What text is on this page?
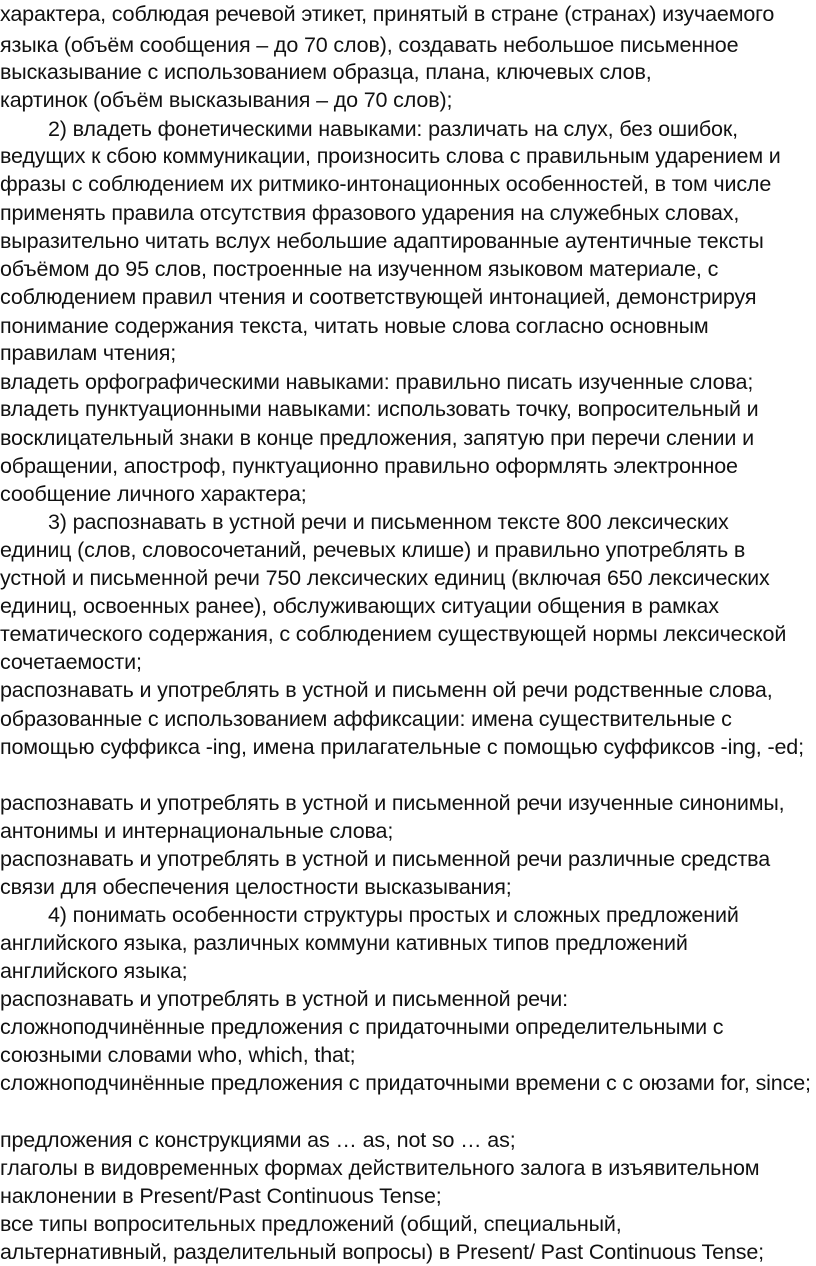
характера, соблюдая речевой этикет, принятый в стране (странах) изучаемого
языка (объём сообщения – до 70 слов), создавать небольшое письменное
высказывание с использованием образца, плана, ключевых слов,
картинок (объём высказывания – до 70 слов);
2) владеть фонетическими навыками: различать на слух, без ошибок,
ведущих к сбою коммуникации, произносить слова с правильным ударением и
фразы с соблюдением их ритмико-интонационных особенностей, в том числе
применять правила отсутствия фразового ударения на служебных словах,
выразительно читать вслух небольшие адаптированные аутентичные тексты
объёмом до 95 слов, построенные на изученном языковом материале, с
соблюдением правил чтения и соответствующей интонацией, демонстрируя
понимание содержания текста, читать новые слова согласно основным
правилам чтения;
владеть орфографическими навыками: правильно писать изученные слова;
владеть пунктуационными навыками: использовать точку, вопросительный и
восклицательный знаки в конце предложения, запятую при перечи слении и
обращении, апостроф, пунктуационно правильно оформлять электронное
сообщение личного характера;
3) распознавать в устной речи и письменном тексте 800 лексических
единиц (слов, словосочетаний, речевых клише) и правильно употреблять в
устной и письменной речи 750 лексических единиц (включая 650 лексических
единиц, освоенных ранее), обслуживающих ситуации общения в рамках
тематического содержания, с соблюдением существующей нормы лексической
сочетаемости;
распознавать и употреблять в устной и письменн ой речи родственные слова,
образованные с использованием аффиксации: имена существительные с
помощью суффикса -ing, имена прилагательные с помощью суффиксов -ing, -ed;
распознавать и употреблять в устной и письменной речи изученные синонимы,
антонимы и интернациональные слова;
распознавать и употреблять в устной и письменной речи различные средства
связи для обеспечения целостности высказывания;
4) понимать особенности структуры простых и сложных предложений
английского языка, различных коммуни кативных типов предложений
английского языка;
распознавать и употреблять в устной и письменной речи:
сложноподчинённые предложения с придаточными определительными с
союзными словами who, which, that;
сложноподчинённые предложения с придаточными времени с с оюзами for, since;
предложения с конструкциями as … as, not so … as;
глаголы в видовременных формах действительного залога в изъявительном
наклонении в Present/Past Continuous Tense;
все типы вопросительных предложений (общий, специальный,
альтернативный, разделительный вопросы) в Present/ Past Continuous Tense;
